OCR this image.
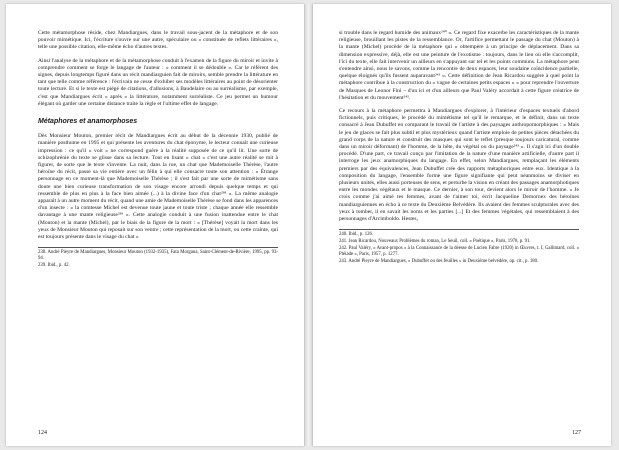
Cette métamorphose réside, chez Mandiargues, dans le travail sous-jacent de la métaphore et de son pouvoir mimétique. Ici, l'écriture s'ouvre sur une autre, spéculaire ou « constituée de reflets littéraires », telle une possible citation, elle-même écho d'autres textes.

Ainsi l'analyse de la métaphore et de la métamorphose conduit à l'examen de la figure du miroir et invite à comprendre comment se forge le langage de l'auteur : « comment il se dédouble ». Car le référent des signes, depuis longtemps figuré dans un récit mandiarguien fait de miroirs, semble prendre la littérature en tant que telle comme référence : l'écrivain ne cesse d'exhiber ses modèles littéraires au point de désorienter toute lecture. Et si le texte est piégé de citations, d'allusions, à Baudelaire ou au surréalisme, par exemple, c'est que Mandiargues écrit « après » la littérature, notamment surréaliste. Ce jeu permet un humour élégant où garder une certaine distance traite la règle et l'ultime effet de langage.

Métaphores et anamorphoses

Dès Monsieur Mouton, premier récit de Mandiargues écrit au début de la décennie 1930, publié de manière posthume en 1995 et qui présente les aventures du chat éponyme, le lecteur connaît une curieuse impression : ce qu'il « voit » ne correspond guère à la réalité supposée de ce qu'il lit. Une sorte de schizophrénie du texte se glisse dans sa lecture. Tout en lisant « chat » c'est une autre réalité se mit à figurer, de sorte que le texte s'invente. La nuit, dans la rue, un chat que Mademoiselle Thérèse, l'autre héroïne du récit, passe sa vie entière avec un félin à qui elle consacre toute son attention : « Étrange personnage en ce moment-là que Mademoiselle Thérèse ; il s'est fait par une sorte de mimétisme sans doute une bien curieuse transformation de son visage encore arrondi depuis quelque temps et qui ressemble de plus en plus à la face bien aimée (...) à la divine face d'un chat²³⁸ ». La même analogie apparaît à un autre moment du récit, quand une amie de Mademoiselle Thérèse se fond dans les apparences d'un insecte : « la comtesse Michel est devenue toute jaune et toute triste ; chaque année elle ressemble davantage à une mante religieuse²³⁹ ». Cette analogie conduit à une fusion inattendue entre le chat (Mouton) et la mante (Michel), par le biais de la figure de la mort : « [Thérèse] voyait la mort dans les yeux de Monsieur Mouton qui reposait sur son ventre ; cette représentation de la mort, ou cette crainte, qui est toujours présente dans le visage du chat »

238. André Pieyre de Mandiargues, Monsieur Mouton (1932-1935), Fata Morgana, Saint-Clément-de-Rivière, 1995, pp. 93-94.
239. Ibid., p. 42.
124

si trouble dans le regard humide des animaux²⁴⁰ ». Ce regard fixe exacerbe les caractéristiques de la mante religieuse, brouillant les pistes de la ressemblance. Or, l'artifice permettant le passage du chat (Mouton) à la mante (Michel) procède de la métaphore qui « obtempère à un principe de déplacement. Dans sa dimension expressive, déjà, elle est une peinture de l'exotisme : toujours, dans le lieu où elle s'accomplit, l'ici du texte, elle fait intervenir un ailleurs en s'appuyant sur tel et les points communs. La métaphore peut s'entendre ainsi, nous le savons, comme la rencontre de deux espaces, leur soudaine coïncidence partielle, quelque éloignés qu'ils fussent auparavant²⁴¹ ». Cette définition de Jean Ricardou suggère à quel point la métaphore contribue à la construction du « vague de certaines petits espaces » « pour reprendre l'ouverture de Masques de Leonor Fini – d'un ici et d'un ailleurs que Paul Valéry accordait à cette figure créatrice de l'hésitation et du mouvement²⁴².

Ce recours à la métaphore permettra à Mandiargues d'explorer, à l'intérieur d'espaces textuels d'abord fictionnels, puis critiques, le procédé du mimétisme tel qu'il le remarque, et le définit, dans un texte consacré à Jean Dubuffet en comparant le travail de l'artiste à des paysages anthropomorphiques : « Mais le jeu de glaces se fait plus subtil et plus mystérieux quand l'artiste emploie de petites pièces détachées du grand corps de la nature et construit des masques qui sont le reflet (presque toujours caricatural, comme dans un miroir déformant) de l'homme, de la bête, du végétal ou du paysage²⁴³ ». Il s'agit ici d'un double procédé. D'une part, ce travail conçu par l'imitation de la nature d'une manière artificielle, d'autre part il interroge les jeux anamorphiques du langage. En effet, selon Mandiargues, remplaçant les éléments premiers par des équivalences, Jean Dubuffet crée des rapports métaphoriques entre eux. Identique à la composition du langage, l'ensemble forme une figure signifiante qui peut néanmoins se diviser en plusieurs unités, elles aussi porteuses de sens, et perturbe la vision en créant des passages anamorphotiques entre les mondes végétaux et le masque. Ce dernier, à son tour, devient alors le miroir de l'homme. « Je crois comme j'ai aimé tes femmes, avant de t'aimer toi, écrit Jacqueline Demornex des héroïnes mandiarguiennes en écho à ce texte du Deuxième Belvédère. Ils avaient des femmes sculpturales avec des yeux à tomber, il en savait les noms et les parties [...] Et des femmes végétales, qui ressemblaient à des personnages d'Arcimboldo. Hestes,

240. Ibid., p. 126.
241. Jean Ricardou, Nouveaux Problèmes du roman, Le Seuil, coll. « Poétique », Paris, 1978, p. 91.
242. Paul Valéry, « Avant-propos » à la Connaissance de la déesse de Lucien Fabre (1920) in Œuvres, t. I, Gallimard, coll. « Pléiade », Paris, 1957, p. 1277.
243. André Pieyre de Mandiargues, « Dubuffet ou des feuilles » in Deuxième belvédère, op. cit., p. 180.
127
